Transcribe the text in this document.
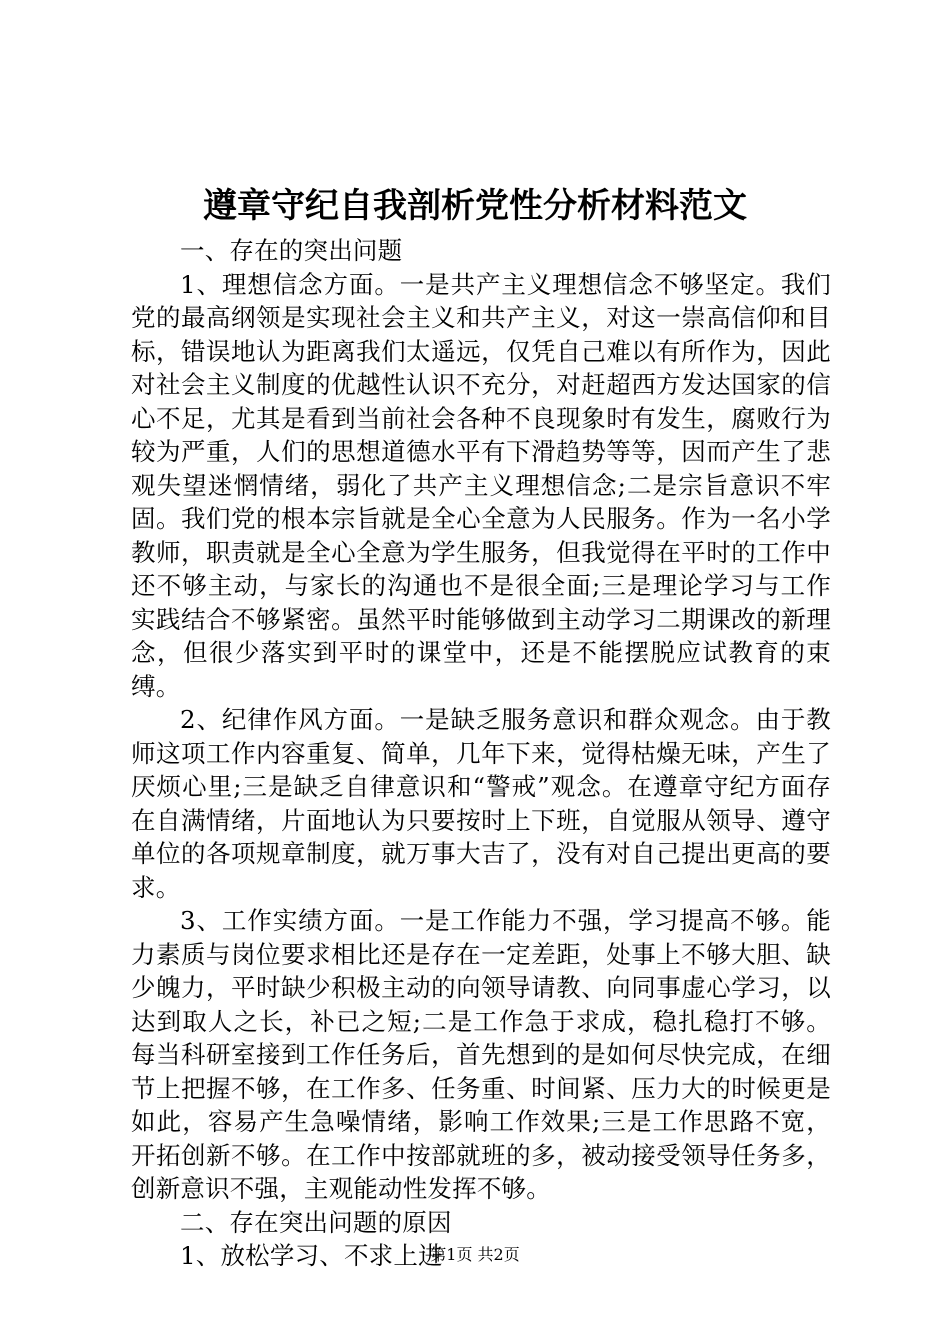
遵章守纪自我剖析党性分析材料范文

一、存在的突出问题

1、理想信念方面。一是共产主义理想信念不够坚定。我们党的最高纲领是实现社会主义和共产主义，对这一崇高信仰和目标，错误地认为距离我们太遥远，仅凭自己难以有所作为，因此对社会主义制度的优越性认识不充分，对赶超西方发达国家的信心不足，尤其是看到当前社会各种不良现象时有发生，腐败行为较为严重，人们的思想道德水平有下滑趋势等等，因而产生了悲观失望迷惘情绪，弱化了共产主义理想信念;二是宗旨意识不牢固。我们党的根本宗旨就是全心全意为人民服务。作为一名小学教师，职责就是全心全意为学生服务，但我觉得在平时的工作中还不够主动，与家长的沟通也不是很全面;三是理论学习与工作实践结合不够紧密。虽然平时能够做到主动学习二期课改的新理念，但很少落实到平时的课堂中，还是不能摆脱应试教育的束缚。

2、纪律作风方面。一是缺乏服务意识和群众观念。由于教师这项工作内容重复、简单，几年下来，觉得枯燥无味，产生了厌烦心里;三是缺乏自律意识和“警戒”观念。在遵章守纪方面存在自满情绪，片面地认为只要按时上下班，自觉服从领导、遵守单位的各项规章制度，就万事大吉了，没有对自己提出更高的要求。

3、工作实绩方面。一是工作能力不强，学习提高不够。能力素质与岗位要求相比还是存在一定差距，处事上不够大胆、缺少魄力，平时缺少积极主动的向领导请教、向同事虚心学习，以达到取人之长，补已之短;二是工作急于求成，稳扎稳打不够。每当科研室接到工作任务后，首先想到的是如何尽快完成，在细节上把握不够，在工作多、任务重、时间紧、压力大的时候更是如此，容易产生急噪情绪，影响工作效果;三是工作思路不宽，开拓创新不够。在工作中按部就班的多，被动接受领导任务多，创新意识不强，主观能动性发挥不够。

二、存在突出问题的原因

1、放松学习、不求上进

第1页 共2页
